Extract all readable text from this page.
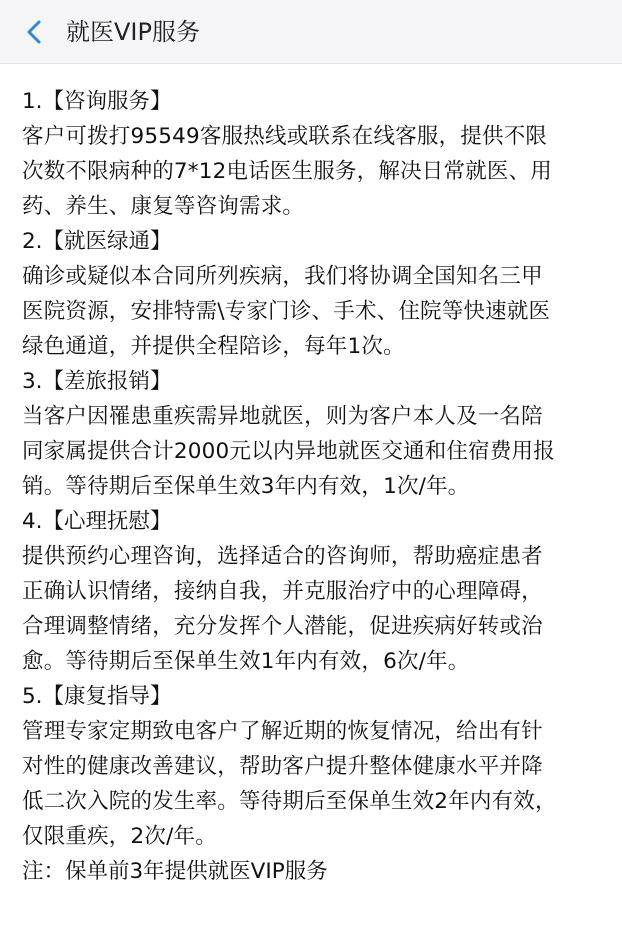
就医VIP服务

1.【咨询服务】

客户可拨打95549客服热线或联系在线客服，提供不限

次数不限病种的7*12电话医生服务，解决日常就医、用

药、养生、康复等咨询需求。

2.【就医绿通】

确诊或疑似本合同所列疾病，我们将协调全国知名三甲

医院资源，安排特需\专家门诊、手术、住院等快速就医

绿色通道，并提供全程陪诊，每年1次。

3.【差旅报销】

当客户因罹患重疾需异地就医，则为客户本人及一名陪

同家属提供合计2000元以内异地就医交通和住宿费用报

销。等待期后至保单生效3年内有效，1次/年。

4.【心理抚慰】

提供预约心理咨询，选择适合的咨询师，帮助癌症患者

正确认识情绪，接纳自我，并克服治疗中的心理障碍，

合理调整情绪，充分发挥个人潜能，促进疾病好转或治

愈。等待期后至保单生效1年内有效，6次/年。

5.【康复指导】

管理专家定期致电客户了解近期的恢复情况，给出有针

对性的健康改善建议，帮助客户提升整体健康水平并降

低二次入院的发生率。等待期后至保单生效2年内有效，

仅限重疾，2次/年。

注：保单前3年提供就医VIP服务
